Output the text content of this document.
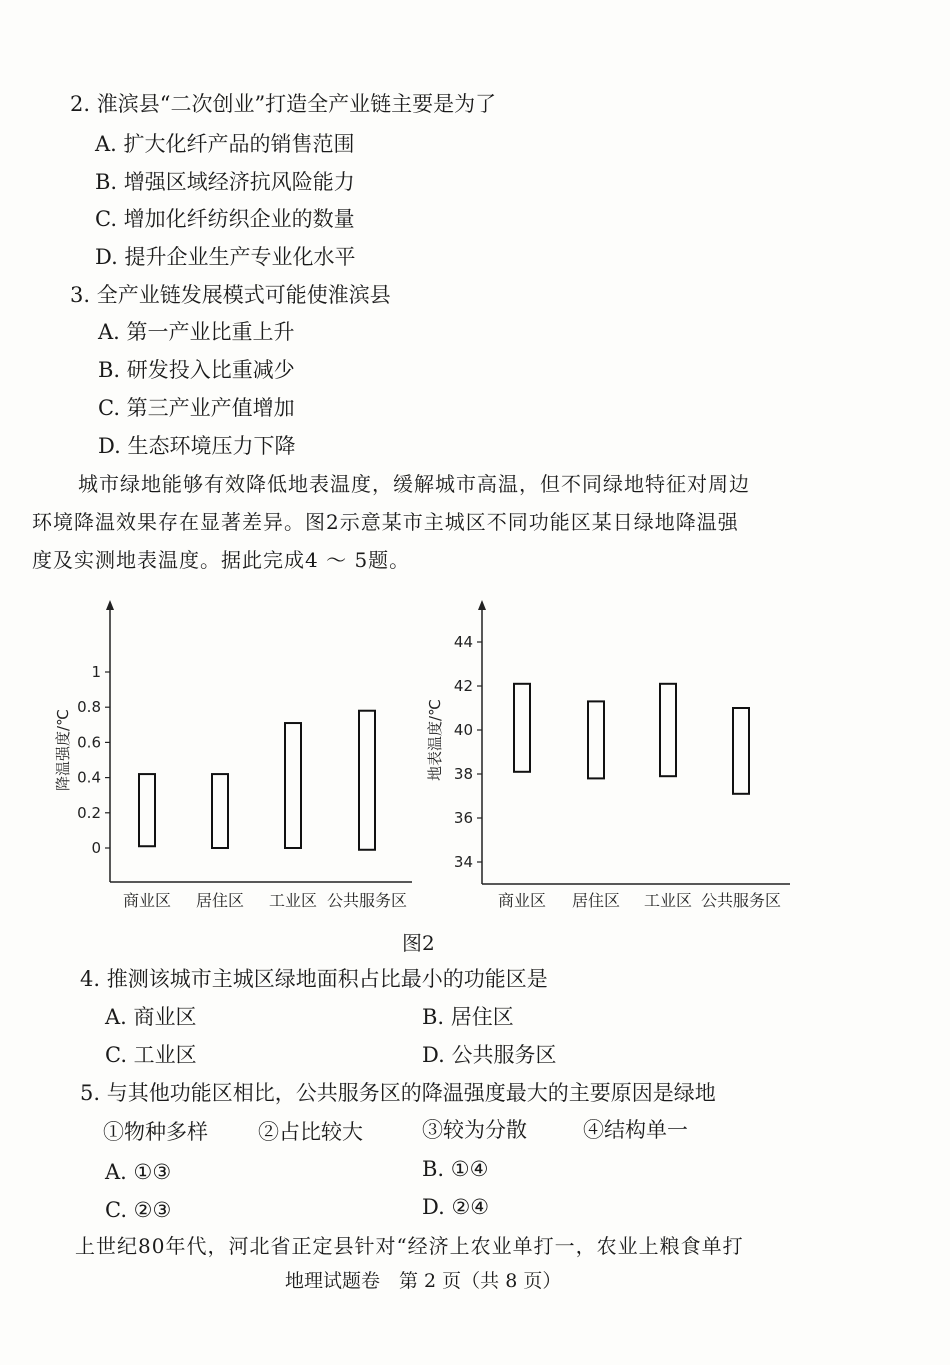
2. 淮滨县“二次创业”打造全产业链主要是为了
A. 扩大化纤产品的销售范围
B. 增强区域经济抗风险能力
C. 增加化纤纺织企业的数量
D. 提升企业生产专业化水平
3. 全产业链发展模式可能使淮滨县
A. 第一产业比重上升
B. 研发投入比重减少
C. 第三产业产值增加
D. 生态环境压力下降
城市绿地能够有效降低地表温度，缓解城市高温，但不同绿地特征对周边
环境降温效果存在显著差异。图2示意某市主城区不同功能区某日绿地降温强
度及实测地表温度。据此完成4 ～ 5题。
0
0.2
0.4
0.6
0.8
1
降温强度/℃
商业区 居住区 工业区 公共服务区
34
36
38
40
42
44
地表温度/℃
商业区 居住区 工业区 公共服务区
图2
4. 推测该城市主城区绿地面积占比最小的功能区是
A. 商业区	B. 居住区
C. 工业区	D. 公共服务区
5. 与其他功能区相比，公共服务区的降温强度最大的主要原因是绿地
①物种多样 ②占比较大	③较为分散	④结构单一
A. ①③	B. ①④
C. ②③	D. ②④
上世纪80年代，河北省正定县针对“经济上农业单打一，农业上粮食单打
地理试题卷　第 2 页（共 8 页）
